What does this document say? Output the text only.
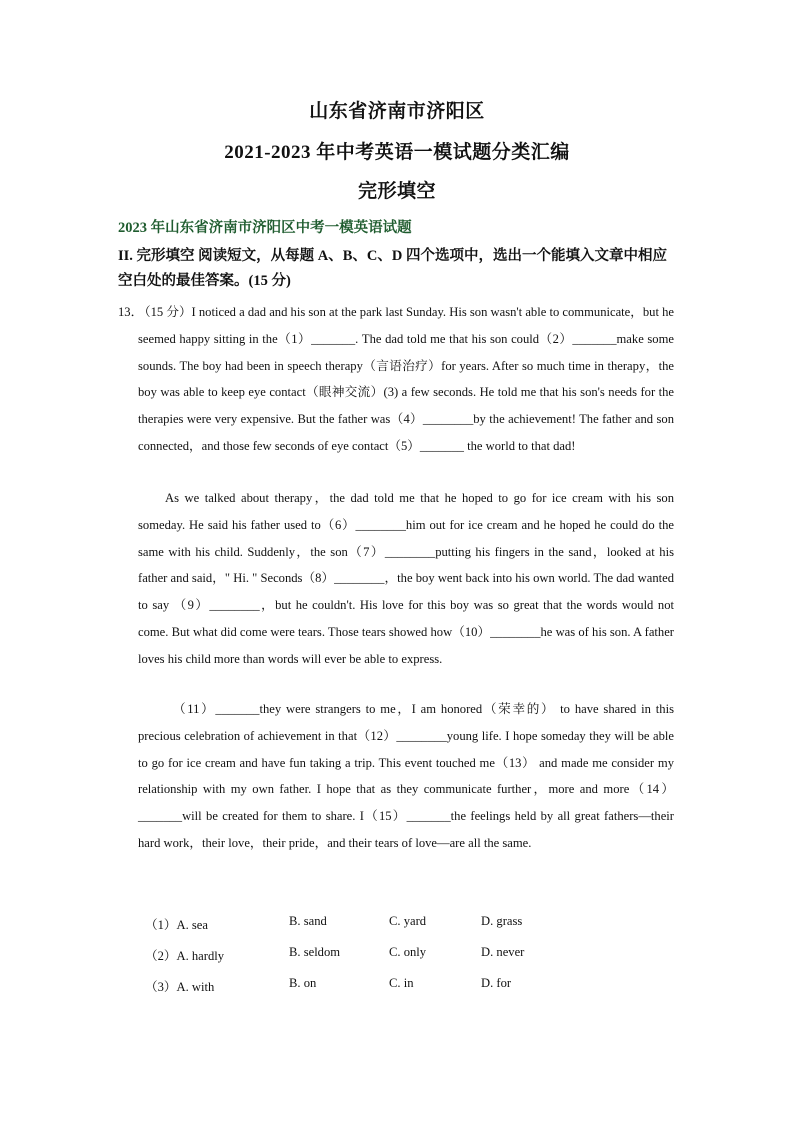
山东省济南市济阳区
2021-2023 年中考英语一模试题分类汇编
完形填空
2023 年山东省济南市济阳区中考一模英语试题
II. 完形填空 阅读短文，从每题 A、B、C、D 四个选项中，选出一个能填入文章中相应空白处的最佳答案。(15 分)
13．
（15 分）I noticed a dad and his son at the park last Sunday. His son wasn't able to communicate，but he seemed happy sitting in the（1）_______. The dad told me that his son could（2）_______make some sounds. The boy had been in speech therapy（言语治疗）for years. After so much time in therapy，the boy was able to keep eye contact（眼神交流）(3) a few seconds. He told me that his son's needs for the therapies were very expensive. But the father was（4）________by the achievement! The father and son connected，and those few seconds of eye contact（5）_______ the world to that dad!
As we talked about therapy，the dad told me that he hoped to go for ice cream with his son someday. He said his father used to（6）________him out for ice cream and he hoped he could do the same with his child. Suddenly，the son（7）________putting his fingers in the sand，looked at his father and said，" Hi. " Seconds（8）________，the boy went back into his own world. The dad wanted to say （9）________，but he couldn't. His love for this boy was so great that the words would not come. But what did come were tears. Those tears showed how（10）________he was of his son. A father loves his child more than words will ever be able to express.
（11）_______they were strangers to me，I am honored（荣幸的） to have shared in this precious celebration of achievement in that（12）________young life. I hope someday they will be able to go for ice cream and have fun taking a trip. This event touched me（13） and made me consider my relationship with my own father. I hope that as they communicate further，more and more（14）_______will be created for them to share. I（15）_______the feelings held by all great fathers—their hard work，their love，their pride，and their tears of love—are all the same.
（1）A. sea	B. sand	C. yard	D. grass
（2）A. hardly	B. seldom	C. only	D. never
（3）A. with	B. on	C. in	D. for
